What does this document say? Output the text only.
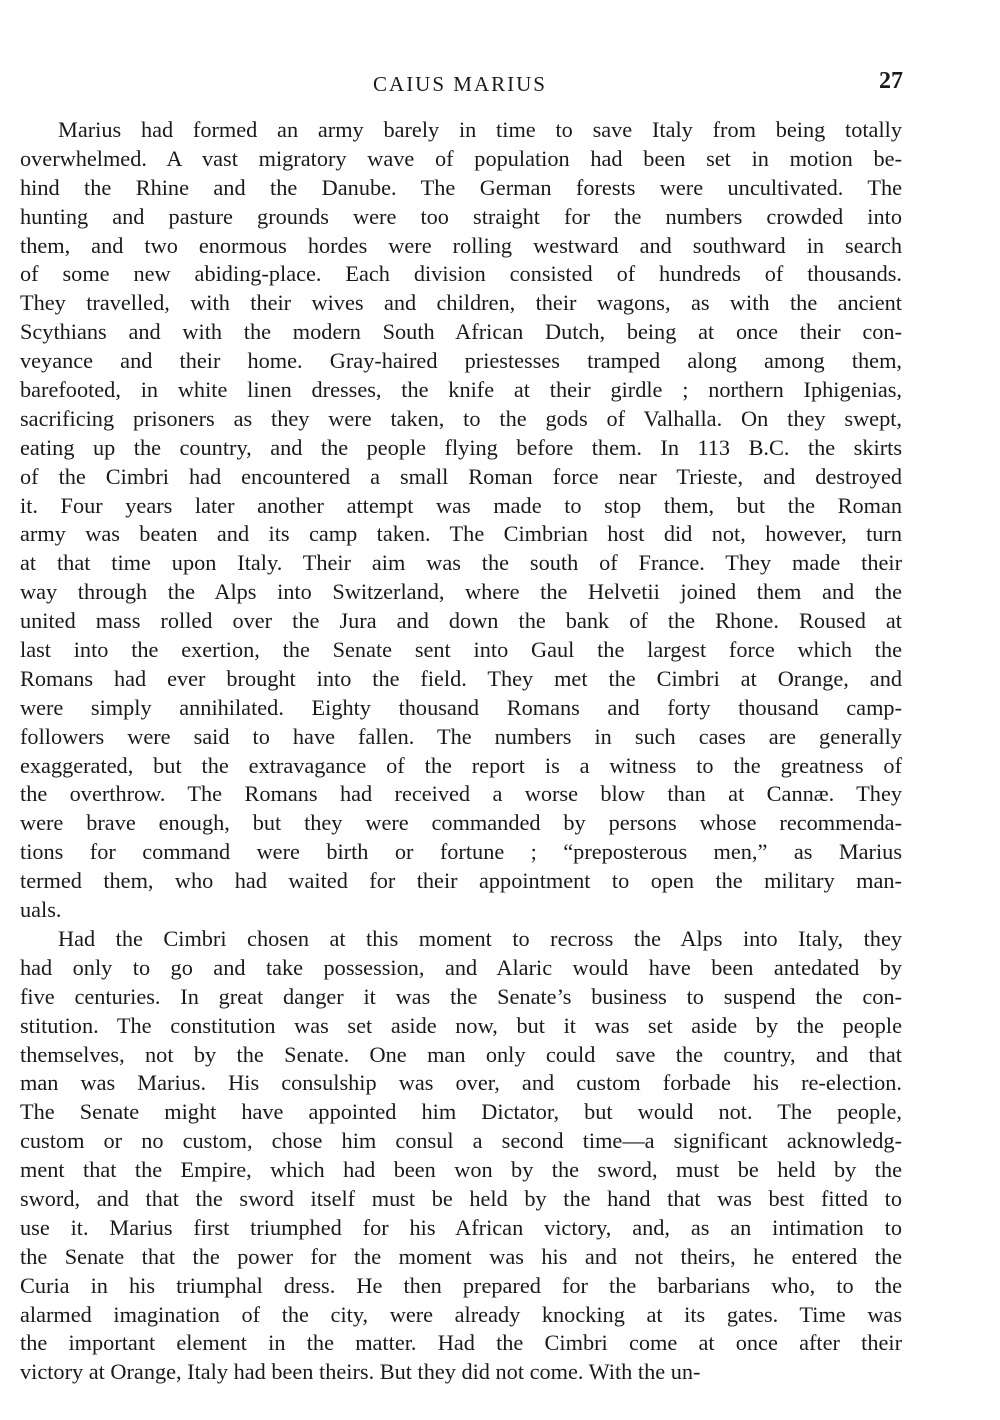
CAIUS MARIUS	27
Marius had formed an army barely in time to save Italy from being totally
overwhelmed. A vast migratory wave of population had been set in motion be-
hind the Rhine and the Danube. The German forests were uncultivated. The
hunting and pasture grounds were too straight for the numbers crowded into
them, and two enormous hordes were rolling westward and southward in search
of some new abiding-place. Each division consisted of hundreds of thousands.
They travelled, with their wives and children, their wagons, as with the ancient
Scythians and with the modern South African Dutch, being at once their con-
veyance and their home. Gray-haired priestesses tramped along among them,
barefooted, in white linen dresses, the knife at their girdle ; northern Iphigenias,
sacrificing prisoners as they were taken, to the gods of Valhalla. On they swept,
eating up the country, and the people flying before them. In 113 B.C. the skirts
of the Cimbri had encountered a small Roman force near Trieste, and destroyed
it. Four years later another attempt was made to stop them, but the Roman
army was beaten and its camp taken. The Cimbrian host did not, however, turn
at that time upon Italy. Their aim was the south of France. They made their
way through the Alps into Switzerland, where the Helvetii joined them and the
united mass rolled over the Jura and down the bank of the Rhone. Roused at
last into the exertion, the Senate sent into Gaul the largest force which the
Romans had ever brought into the field. They met the Cimbri at Orange, and
were simply annihilated. Eighty thousand Romans and forty thousand camp-
followers were said to have fallen. The numbers in such cases are generally
exaggerated, but the extravagance of the report is a witness to the greatness of
the overthrow. The Romans had received a worse blow than at Cannæ. They
were brave enough, but they were commanded by persons whose recommenda-
tions for command were birth or fortune ; “preposterous men,” as Marius
termed them, who had waited for their appointment to open the military man-
uals.
Had the Cimbri chosen at this moment to recross the Alps into Italy, they
had only to go and take possession, and Alaric would have been antedated by
five centuries. In great danger it was the Senate’s business to suspend the con-
stitution. The constitution was set aside now, but it was set aside by the people
themselves, not by the Senate. One man only could save the country, and that
man was Marius. His consulship was over, and custom forbade his re-election.
The Senate might have appointed him Dictator, but would not. The people,
custom or no custom, chose him consul a second time—a significant acknowledg-
ment that the Empire, which had been won by the sword, must be held by the
sword, and that the sword itself must be held by the hand that was best fitted to
use it. Marius first triumphed for his African victory, and, as an intimation to
the Senate that the power for the moment was his and not theirs, he entered the
Curia in his triumphal dress. He then prepared for the barbarians who, to the
alarmed imagination of the city, were already knocking at its gates. Time was
the important element in the matter. Had the Cimbri come at once after their
victory at Orange, Italy had been theirs. But they did not come. With the un-
